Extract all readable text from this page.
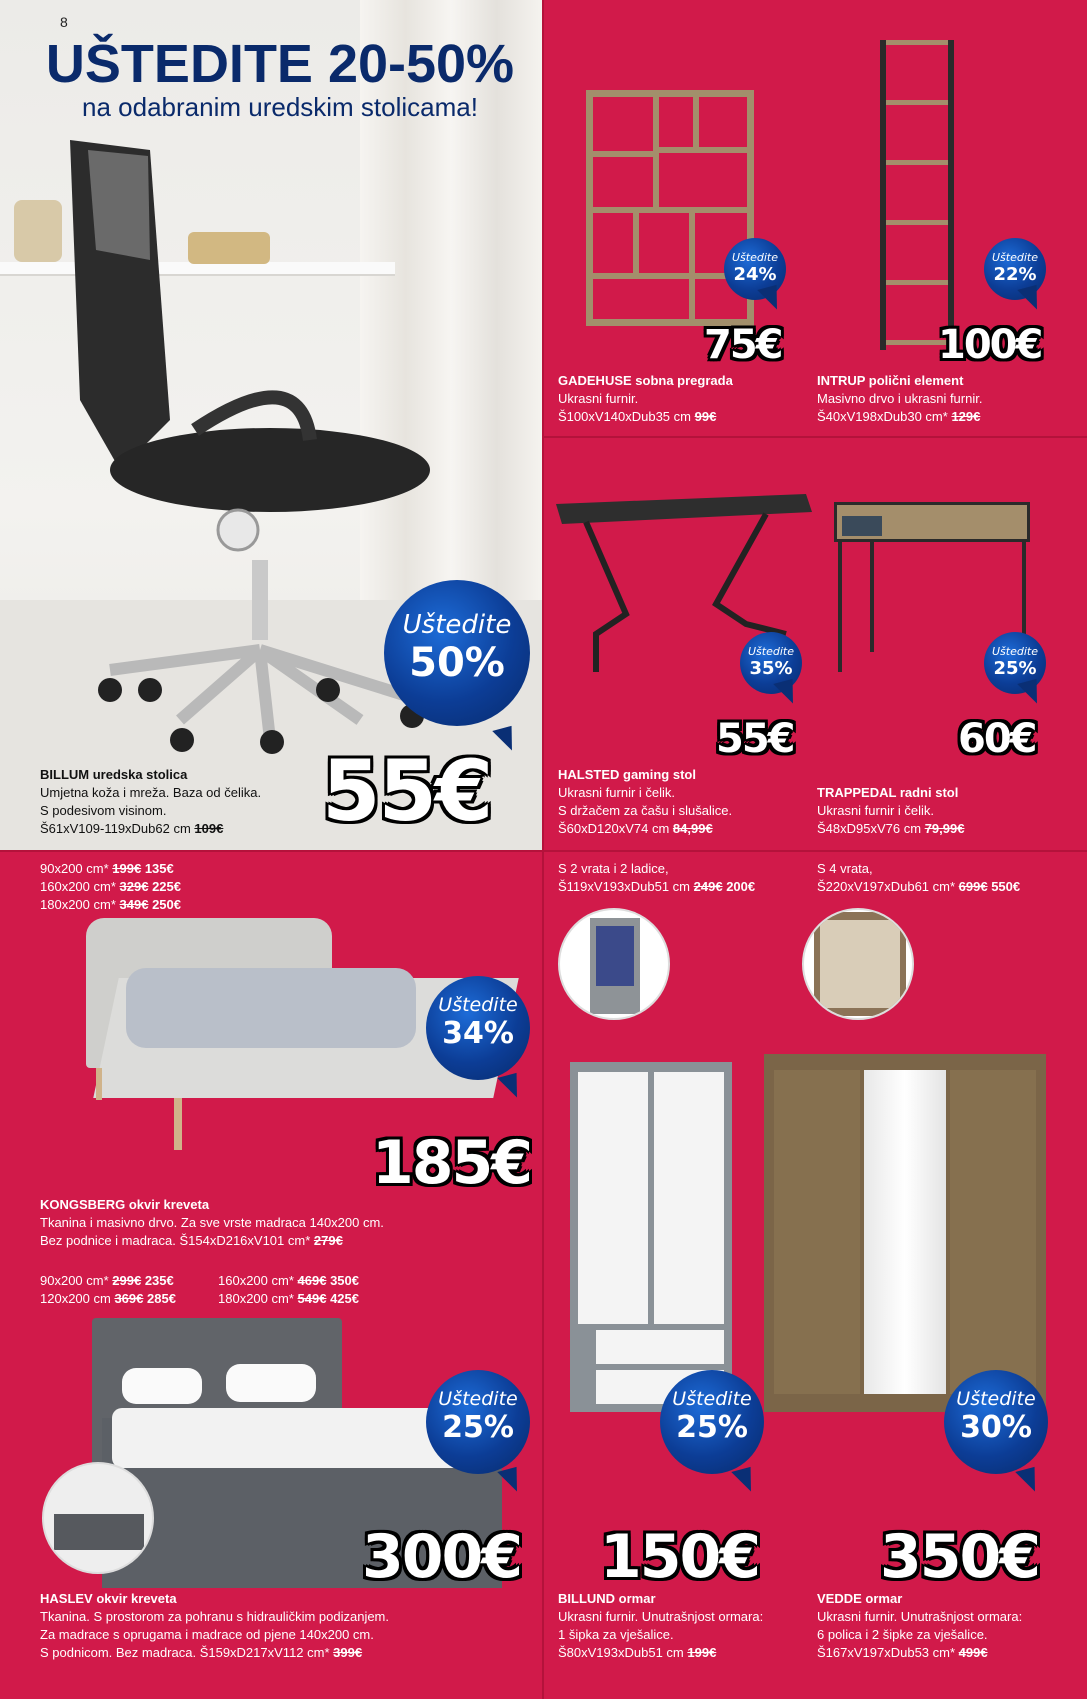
8
UŠTEDITE 20-50%
na odabranim uredskim stolicama!
Uštedite
50%
55€
BILLUM uredska stolica
Umjetna koža i mreža. Baza od čelika.
S podesivom visinom.
Š61xV109-119xDub62 cm 109€
Uštedite
24%
75€
GADEHUSE sobna pregrada
Ukrasni furnir.
Š100xV140xDub35 cm 99€
Uštedite
22%
100€
INTRUP polični element
Masivno drvo i ukrasni furnir.
Š40xV198xDub30 cm* 129€
Uštedite
35%
55€
HALSTED gaming stol
Ukrasni furnir i čelik.
S držačem za čašu i slušalice.
Š60xD120xV74 cm 84,99€
Uštedite
25%
60€
TRAPPEDAL radni stol
Ukrasni furnir i čelik.
Š48xD95xV76 cm 79,99€
90x200 cm* 199€ 135€
160x200 cm* 329€ 225€
180x200 cm* 349€ 250€
Uštedite
34%
185€
KONGSBERG okvir kreveta
Tkanina i masivno drvo. Za sve vrste madraca 140x200 cm.
Bez podnice i madraca. Š154xD216xV101 cm* 279€
90x200 cm* 299€ 235€
120x200 cm 369€ 285€
160x200 cm* 469€ 350€
180x200 cm* 549€ 425€
Uštedite
25%
300€
HASLEV okvir kreveta
Tkanina. S prostorom za pohranu s hidrauličkim podizanjem.
Za madrace s oprugama i madrace od pjene 140x200 cm.
S podnicom. Bez madraca. Š159xD217xV112 cm* 399€
S 2 vrata i 2 ladice,
Š119xV193xDub51 cm 249€ 200€
Uštedite
25%
150€
BILLUND ormar
Ukrasni furnir. Unutrašnjost ormara:
1 šipka za vješalice.
Š80xV193xDub51 cm 199€
S 4 vrata,
Š220xV197xDub61 cm* 699€ 550€
Uštedite
30%
350€
VEDDE ormar
Ukrasni furnir. Unutrašnjost ormara:
6 polica i 2 šipke za vješalice.
Š167xV197xDub53 cm* 499€
